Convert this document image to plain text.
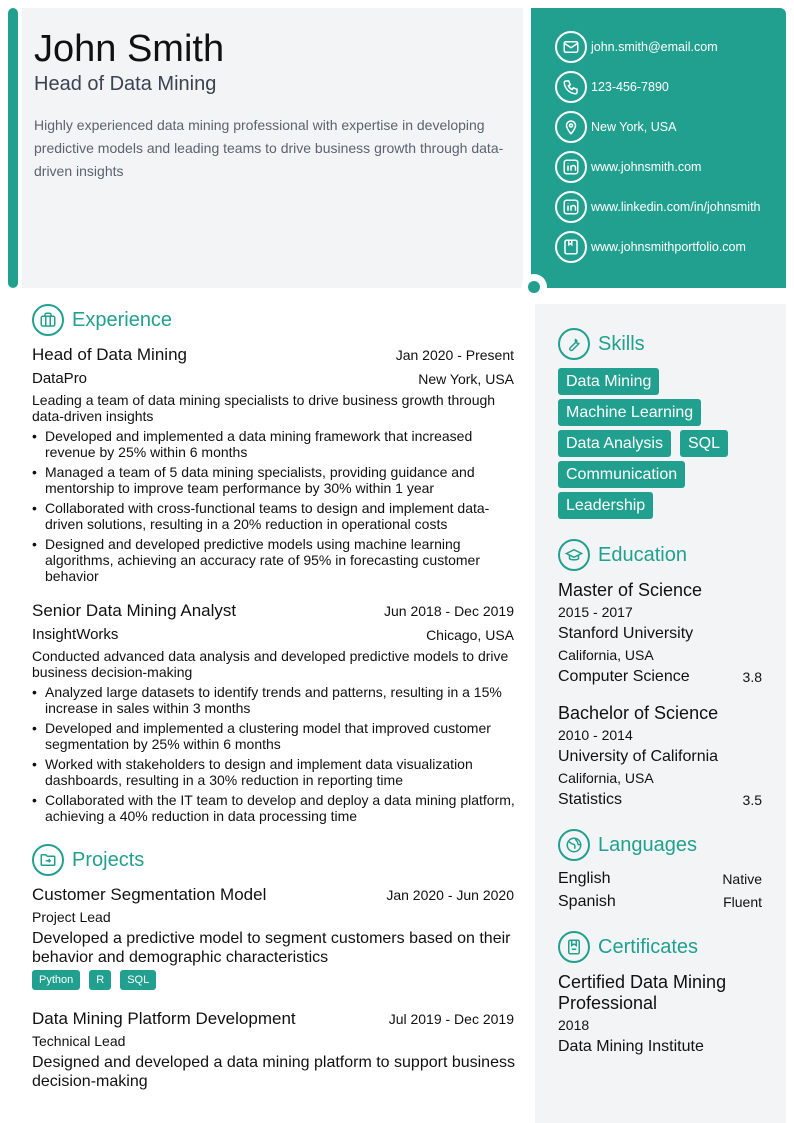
John Smith
Head of Data Mining
Highly experienced data mining professional with expertise in developing predictive models and leading teams to drive business growth through data-driven insights
john.smith@email.com
123-456-7890
New York, USA
www.johnsmith.com
www.linkedin.com/in/johnsmith
www.johnsmithportfolio.com
Experience
Head of Data Mining	Jan 2020 - Present
DataPro	New York, USA
Leading a team of data mining specialists to drive business growth through data-driven insights
• Developed and implemented a data mining framework that increased revenue by 25% within 6 months
• Managed a team of 5 data mining specialists, providing guidance and mentorship to improve team performance by 30% within 1 year
• Collaborated with cross-functional teams to design and implement data-driven solutions, resulting in a 20% reduction in operational costs
• Designed and developed predictive models using machine learning algorithms, achieving an accuracy rate of 95% in forecasting customer behavior
Senior Data Mining Analyst	Jun 2018 - Dec 2019
InsightWorks	Chicago, USA
Conducted advanced data analysis and developed predictive models to drive business decision-making
• Analyzed large datasets to identify trends and patterns, resulting in a 15% increase in sales within 3 months
• Developed and implemented a clustering model that improved customer segmentation by 25% within 6 months
• Worked with stakeholders to design and implement data visualization dashboards, resulting in a 30% reduction in reporting time
• Collaborated with the IT team to develop and deploy a data mining platform, achieving a 40% reduction in data processing time
Projects
Customer Segmentation Model	Jan 2020 - Jun 2020
Project Lead
Developed a predictive model to segment customers based on their behavior and demographic characteristics
Python	R	SQL
Data Mining Platform Development	Jul 2019 - Dec 2019
Technical Lead
Designed and developed a data mining platform to support business decision-making
Skills
Data Mining
Machine Learning
Data Analysis	SQL
Communication
Leadership
Education
Master of Science
2015 - 2017
Stanford University
California, USA
Computer Science	3.8
Bachelor of Science
2010 - 2014
University of California
California, USA
Statistics	3.5
Languages
English	Native
Spanish	Fluent
Certificates
Certified Data Mining Professional
2018
Data Mining Institute
